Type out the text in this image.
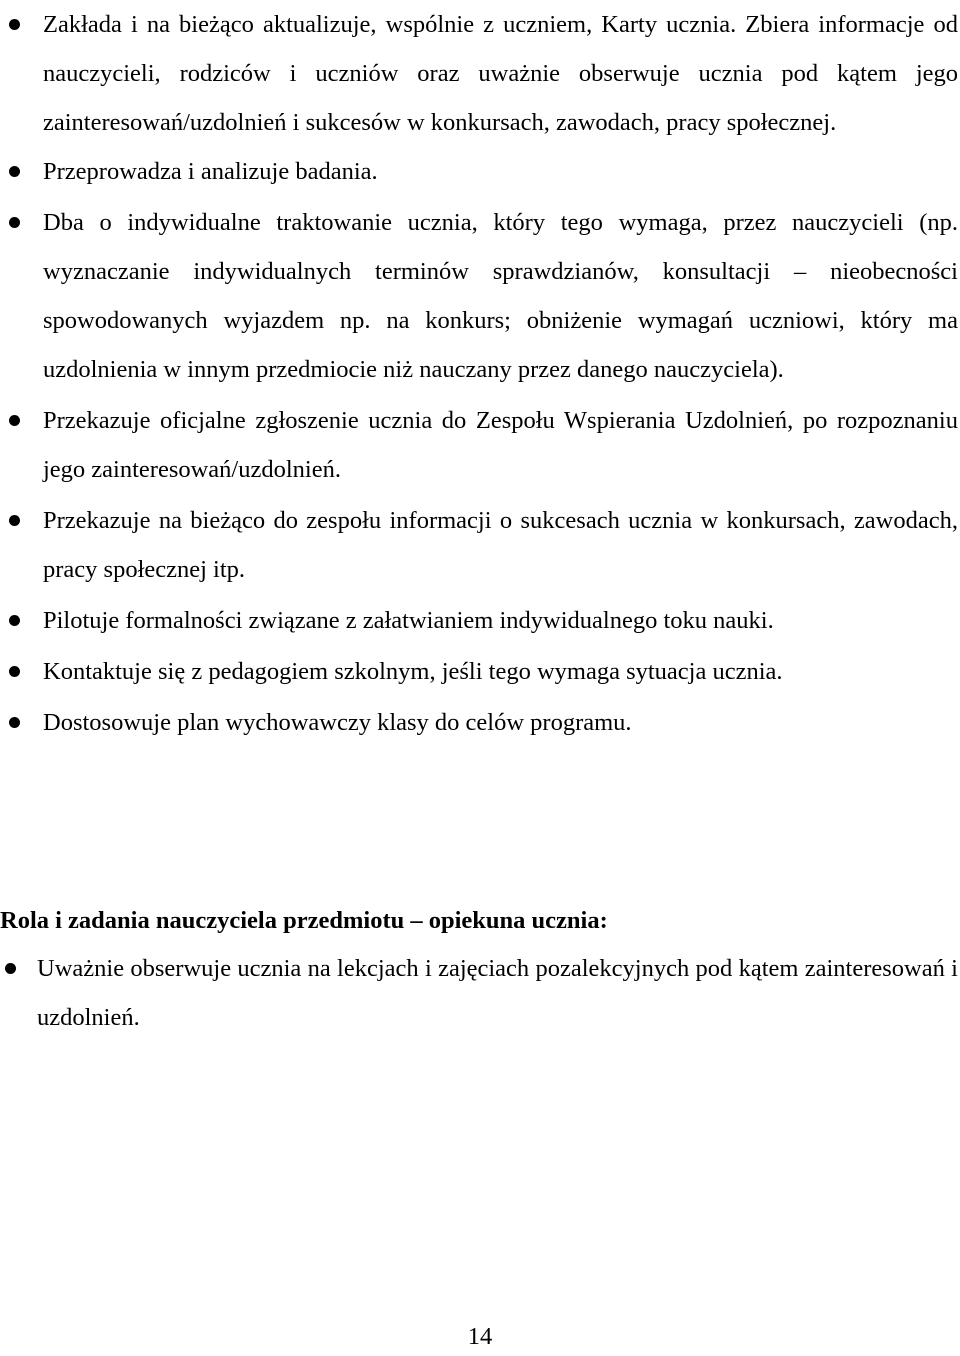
Zakłada i na bieżąco aktualizuje, wspólnie z uczniem, Karty ucznia. Zbiera informacje od nauczycieli, rodziców i uczniów oraz uważnie obserwuje ucznia pod kątem jego zainteresowań/uzdolnień i sukcesów w konkursach, zawodach, pracy społecznej.
Przeprowadza i analizuje badania.
Dba o indywidualne traktowanie ucznia, który tego wymaga, przez nauczycieli (np. wyznaczanie indywidualnych terminów sprawdzianów, konsultacji – nieobecności spowodowanych wyjazdem np. na konkurs; obniżenie wymagań uczniowi, który ma uzdolnienia w innym przedmiocie niż nauczany przez danego nauczyciela).
Przekazuje oficjalne zgłoszenie ucznia do Zespołu Wspierania Uzdolnień, po rozpoznaniu jego zainteresowań/uzdolnień.
Przekazuje na bieżąco do zespołu informacji o sukcesach ucznia w konkursach, zawodach, pracy społecznej itp.
Pilotuje formalności związane z załatwianiem indywidualnego toku nauki.
Kontaktuje się z pedagogiem szkolnym, jeśli tego wymaga sytuacja ucznia.
Dostosowuje plan wychowawczy klasy do celów programu.

Rola i zadania nauczyciela przedmiotu – opiekuna ucznia:

Uważnie obserwuje ucznia na lekcjach i zajęciach pozalekcyjnych pod kątem zainteresowań i uzdolnień.
14
